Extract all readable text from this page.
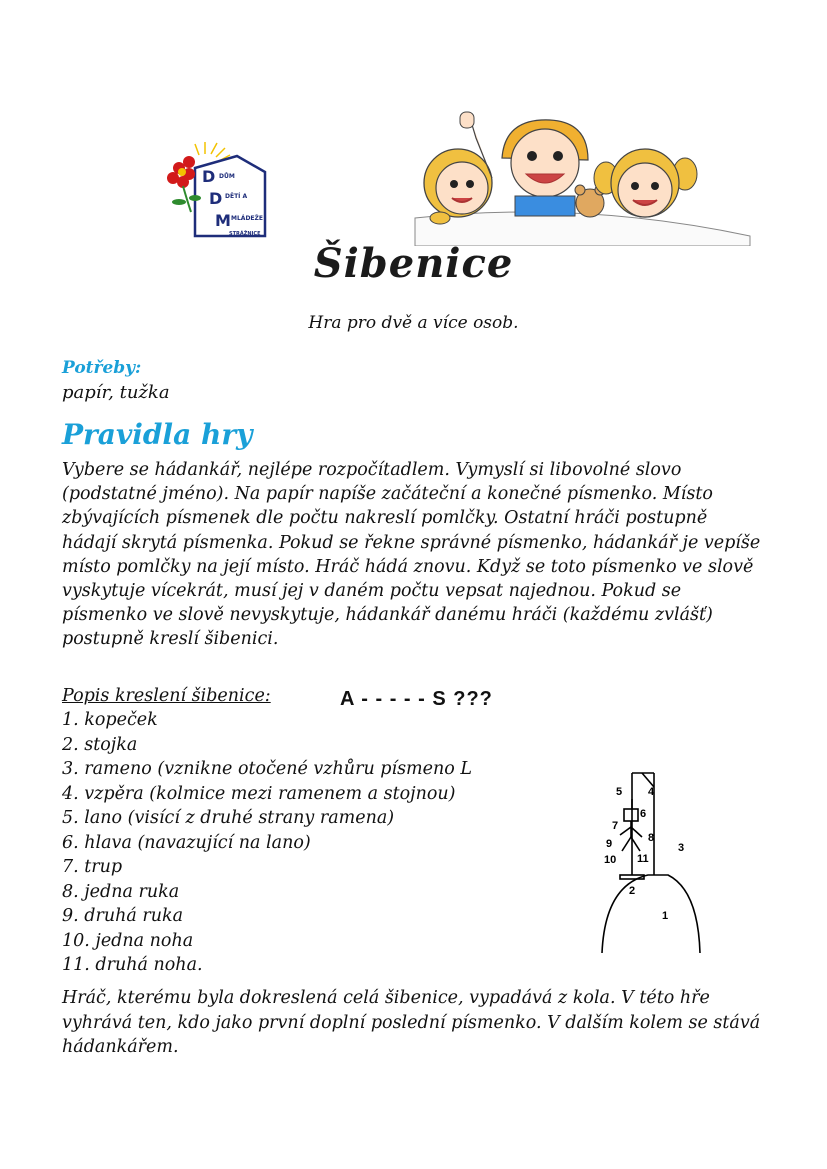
D
D
M
DŮM
DĚTÍ A
MLÁDEŽE
STRÁŽNICE
Šibenice
Hra pro dvě a více osob.
Potřeby:
papír, tužka
Pravidla hry
Vybere se hádankář, nejlépe rozpočítadlem. Vymyslí si libovolné slovo (podstatné jméno). Na papír napíše začáteční a konečné písmenko. Místo zbývajících písmenek dle počtu nakreslí pomlčky. Ostatní hráči postupně hádají skrytá písmenka. Pokud se řekne správné písmenko, hádankář je vepíše místo pomlčky na její místo. Hráč hádá znovu. Když se toto písmenko ve slově vyskytuje vícekrát, musí jej v daném počtu vepsat najednou. Pokud se písmenko ve slově nevyskytuje, hádankář danému hráči (každému zvlášť) postupně kreslí šibenici.
Popis kreslení šibenice:	A - - - - - S ???
1. kopeček
2. stojka
3. rameno (vznikne otočené vzhůru písmeno L
4. vzpěra (kolmice mezi ramenem a stojnou)
5. lano (visící z druhé strany ramena)
6. hlava (navazující na lano)
7. trup
8. jedna ruka
9. druhá ruka
10. jedna noha
11. druhá noha.
1
2
3
4
5
6
7
8
9
10 11
Hráč, kterému byla dokreslená celá šibenice, vypadává z kola. V této hře vyhrává ten, kdo jako první doplní poslední písmenko. V dalším kolem se stává hádankářem.
